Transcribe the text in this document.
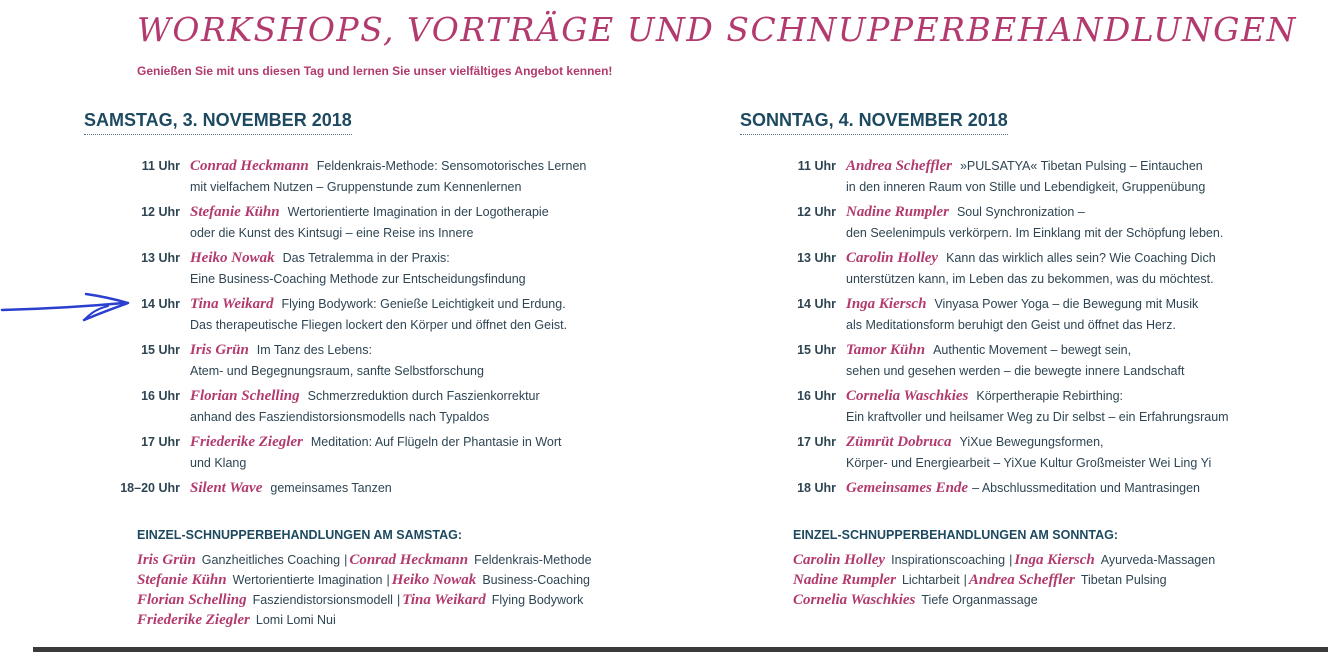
WORKSHOPS, VORTRÄGE UND SCHNUPPERBEHANDLUNGEN
Genießen Sie mit uns diesen Tag und lernen Sie unser vielfältiges Angebot kennen!
SAMSTAG, 3. NOVEMBER 2018
11 Uhr Conrad Heckmann Feldenkrais-Methode: Sensomotorisches Lernen
mit vielfachem Nutzen – Gruppenstunde zum Kennenlernen
12 Uhr Stefanie Kühn Wertorientierte Imagination in der Logotherapie
oder die Kunst des Kintsugi – eine Reise ins Innere
13 Uhr Heiko Nowak Das Tetralemma in der Praxis:
Eine Business-Coaching Methode zur Entscheidungsfindung
14 Uhr Tina Weikard Flying Bodywork: Genieße Leichtigkeit und Erdung.
Das therapeutische Fliegen lockert den Körper und öffnet den Geist.
15 Uhr Iris Grün Im Tanz des Lebens:
Atem- und Begegnungsraum, sanfte Selbstforschung
16 Uhr Florian Schelling Schmerzreduktion durch Faszienkorrektur
anhand des Fasziendistorsionsmodells nach Typaldos
17 Uhr Friederike Ziegler Meditation: Auf Flügeln der Phantasie in Wort
und Klang
18–20 Uhr Silent Wave gemeinsames Tanzen
EINZEL-SCHNUPPERBEHANDLUNGEN AM SAMSTAG:
Iris Grün Ganzheitliches Coaching | Conrad Heckmann Feldenkrais-Methode
Stefanie Kühn Wertorientierte Imagination | Heiko Nowak Business-Coaching
Florian Schelling Fasziendistorsionsmodell | Tina Weikard Flying Bodywork
Friederike Ziegler Lomi Lomi Nui
SONNTAG, 4. NOVEMBER 2018
11 Uhr Andrea Scheffler »PULSATYA« Tibetan Pulsing – Eintauchen
in den inneren Raum von Stille und Lebendigkeit, Gruppenübung
12 Uhr Nadine Rumpler Soul Synchronization –
den Seelenimpuls verkörpern. Im Einklang mit der Schöpfung leben.
13 Uhr Carolin Holley Kann das wirklich alles sein? Wie Coaching Dich
unterstützen kann, im Leben das zu bekommen, was du möchtest.
14 Uhr Inga Kiersch Vinyasa Power Yoga – die Bewegung mit Musik
als Meditationsform beruhigt den Geist und öffnet das Herz.
15 Uhr Tamor Kühn Authentic Movement – bewegt sein,
sehen und gesehen werden – die bewegte innere Landschaft
16 Uhr Cornelia Waschkies Körpertherapie Rebirthing:
Ein kraftvoller und heilsamer Weg zu Dir selbst – ein Erfahrungsraum
17 Uhr Zümrüt Dobruca YiXue Bewegungsformen,
Körper- und Energiearbeit – YiXue Kultur Großmeister Wei Ling Yi
18 Uhr Gemeinsames Ende – Abschlussmeditation und Mantrasingen
EINZEL-SCHNUPPERBEHANDLUNGEN AM SONNTAG:
Carolin Holley Inspirationscoaching | Inga Kiersch Ayurveda-Massagen
Nadine Rumpler Lichtarbeit | Andrea Scheffler Tibetan Pulsing
Cornelia Waschkies Tiefe Organmassage
